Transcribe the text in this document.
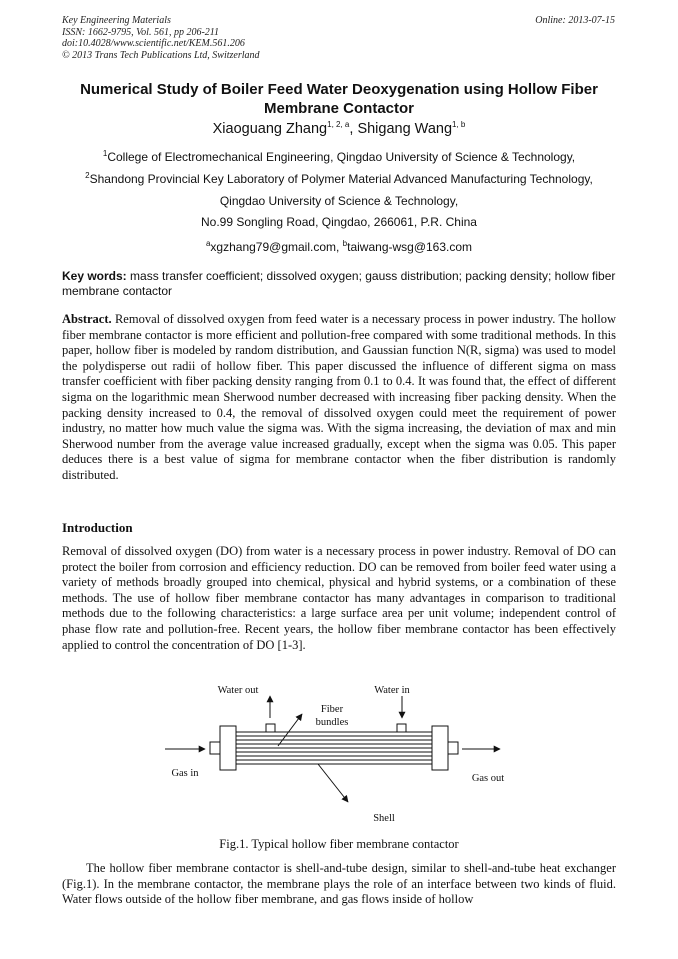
Key Engineering Materials
ISSN: 1662-9795, Vol. 561, pp 206-211
doi:10.4028/www.scientific.net/KEM.561.206
© 2013 Trans Tech Publications Ltd, Switzerland
Online: 2013-07-15
Numerical Study of Boiler Feed Water Deoxygenation using Hollow Fiber Membrane Contactor
Xiaoguang Zhang$^{1, 2, a}$, Shigang Wang$^{1, b}$
$^1$College of Electromechanical Engineering, Qingdao University of Science & Technology,
$^2$Shandong Provincial Key Laboratory of Polymer Material Advanced Manufacturing Technology,
Qingdao University of Science & Technology,
No.99 Songling Road, Qingdao, 266061, P.R. China
$^a$xgzhang79@gmail.com, $^b$taiwang-wsg@163.com
Key words: mass transfer coefficient; dissolved oxygen; gauss distribution; packing density; hollow fiber membrane contactor
Abstract. Removal of dissolved oxygen from feed water is a necessary process in power industry. The hollow fiber membrane contactor is more efficient and pollution-free compared with some traditional methods. In this paper, hollow fiber is modeled by random distribution, and Gaussian function N(R, sigma) was used to model the polydisperse out radii of hollow fiber. This paper discussed the influence of different sigma on mass transfer coefficient with fiber packing density ranging from 0.1 to 0.4. It was found that, the effect of different sigma on the logarithmic mean Sherwood number decreased with increasing fiber packing density. When the packing density increased to 0.4, the removal of dissolved oxygen could meet the requirement of power industry, no matter how much value the sigma was. With the sigma increasing, the deviation of max and min Sherwood number from the average value increased gradually, except when the sigma was 0.05. This paper deduces there is a best value of sigma for membrane contactor when the fiber distribution is randomly distributed.
Introduction
Removal of dissolved oxygen (DO) from water is a necessary process in power industry. Removal of DO can protect the boiler from corrosion and efficiency reduction. DO can be removed from boiler feed water using a variety of methods broadly grouped into chemical, physical and hybrid systems, or a combination of these methods. The use of hollow fiber membrane contactor has many advantages in comparison to traditional methods due to the following characteristics: a large surface area per unit volume; independent control of phase flow rate and pollution-free. Recent years, the hollow fiber membrane contactor has been effectively applied to control the concentration of DO [1-3].
Water out	Water in
Fiber
bundles
Gas in	Gas out
Shell
Fig.1. Typical hollow fiber membrane contactor
The hollow fiber membrane contactor is shell-and-tube design, similar to shell-and-tube heat exchanger (Fig.1). In the membrane contactor, the membrane plays the role of an interface between two kinds of fluid. Water flows outside of the hollow fiber membrane, and gas flows inside of hollow
